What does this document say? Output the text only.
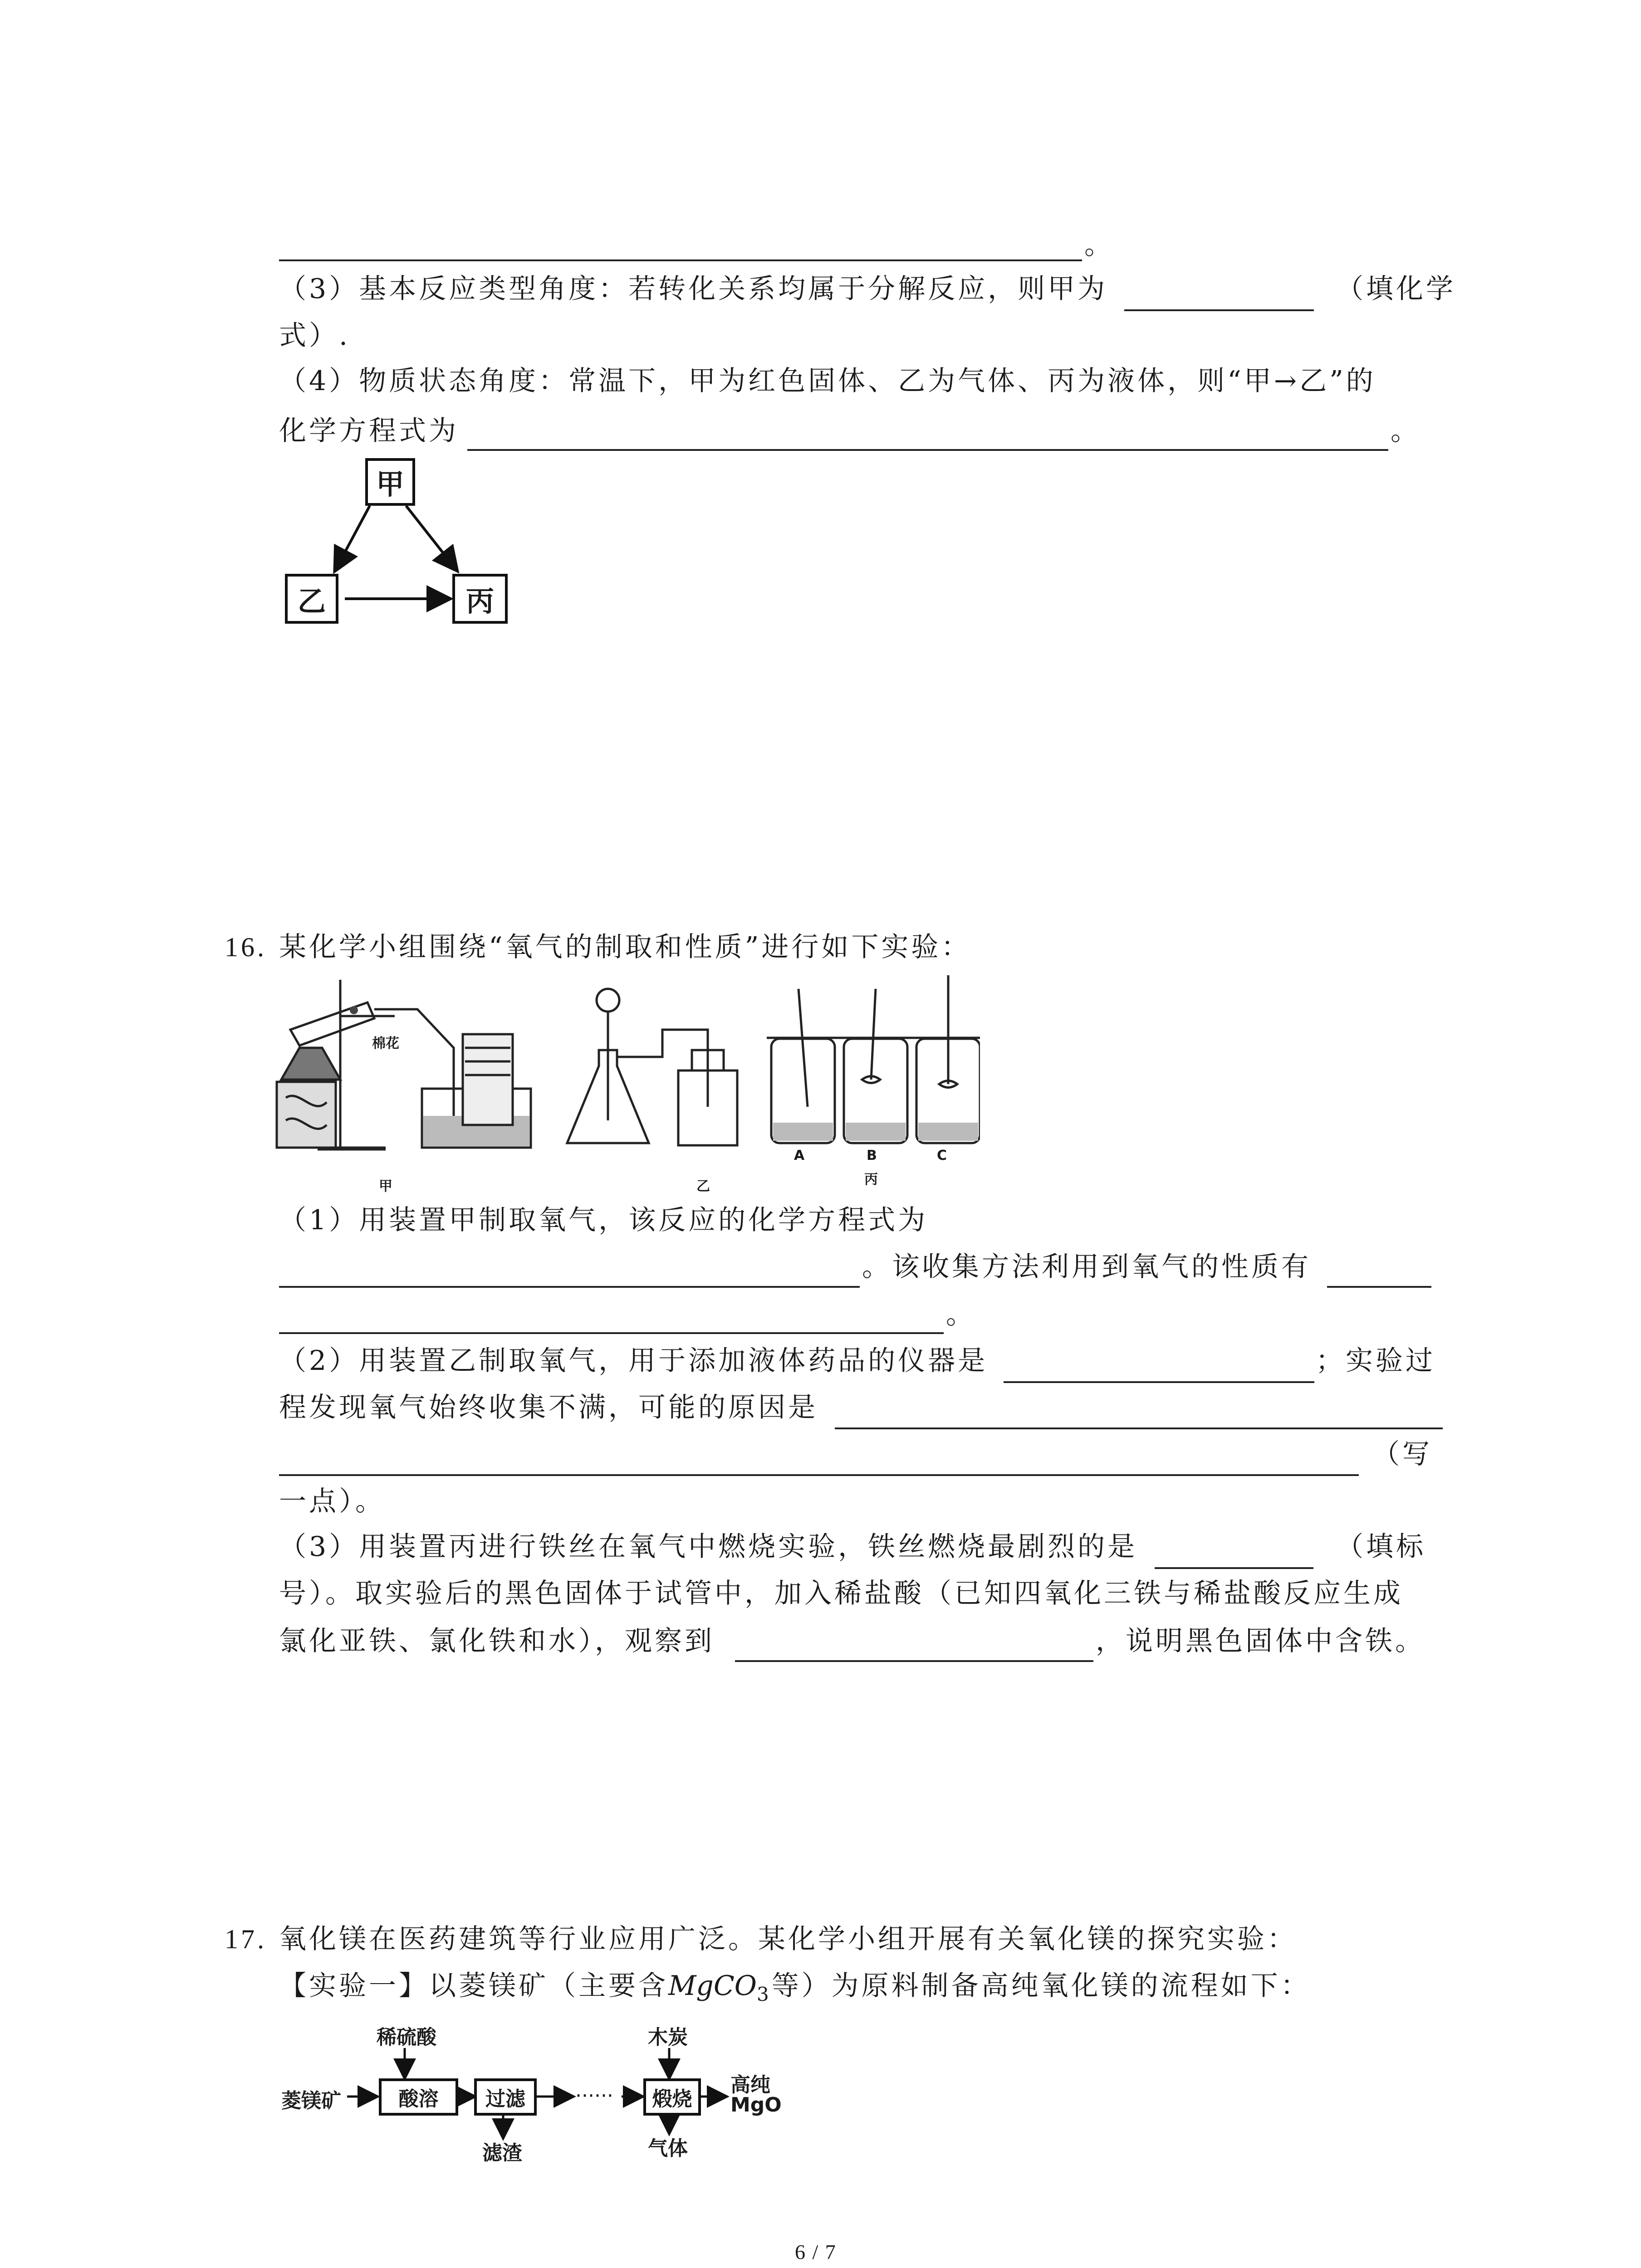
。
（3）基本反应类型角度：若转化关系均属于分解反应，则甲为	（填化学
式）.
（4）物质状态角度：常温下，甲为红色固体、乙为气体、丙为液体，则“甲→乙”的
化学方程式为	。
甲
乙	丙
16. 某化学小组围绕“氧气的制取和性质”进行如下实验：
棉花
甲	乙
A	B	C
丙
（1）用装置甲制取氧气，该反应的化学方程式为
。该收集方法利用到氧气的性质有
。
（2）用装置乙制取氧气，用于添加液体药品的仪器是	；实验过
程发现氧气始终收集不满，可能的原因是
（写
一点）。
（3）用装置丙进行铁丝在氧气中燃烧实验，铁丝燃烧最剧烈的是	（填标
号）。取实验后的黑色固体于试管中，加入稀盐酸（已知四氧化三铁与稀盐酸反应生成
氯化亚铁、氯化铁和水），观察到	，说明黑色固体中含铁。
17. 氧化镁在医药建筑等行业应用广泛。某化学小组开展有关氧化镁的探究实验：
【实验一】以菱镁矿（主要含MgCO$_3$等）为原料制备高纯氧化镁的流程如下：
菱镁矿
稀硫酸
酸溶	过滤
滤渣
······
木炭
煅烧
气体
高纯
MgO
6 / 7
